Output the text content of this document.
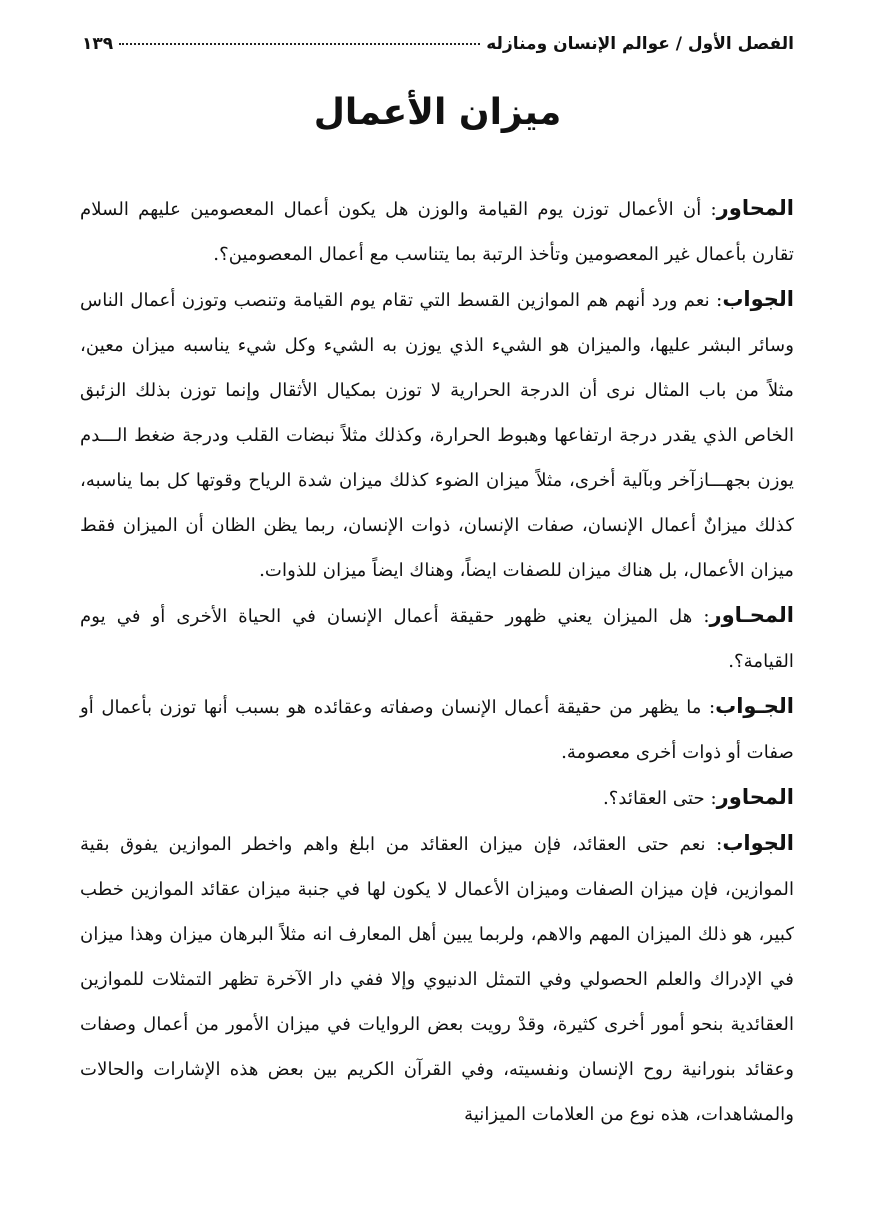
الفصل الأول / عوالم الإنسان ومنازله
١٣٩
ميزان الأعمال

المحاور: أن الأعمال توزن يوم القيامة والوزن هل يكون أعمال المعصومين عليهم السلام تقارن بأعمال غير المعصومين وتأخذ الرتبة بما يتناسب مع أعمال المعصومين؟.

الجواب: نعم ورد أنهم هم الموازين القسط التي تقام يوم القيامة وتنصب وتوزن أعمال الناس وسائر البشر عليها، والميزان هو الشيء الذي يوزن به الشيء وكل شيء يناسبه ميزان معين، مثلاً من باب المثال نرى أن الدرجة الحرارية لا توزن بمكيال الأثقال وإنما توزن بذلك الزئبق الخاص الذي يقدر درجة ارتفاعها وهبوط الحرارة، وكذلك مثلاً نبضات القلب ودرجة ضغط الـــدم يوزن بجهـــازآخر وبآلية أخرى، مثلاً ميزان الضوء كذلك ميزان شدة الرياح وقوتها كل بما يناسبه، كذلك ميزانٌ أعمال الإنسان، صفات الإنسان، ذوات الإنسان، ربما يظن الظان أن الميزان فقط ميزان الأعمال، بل هناك ميزان للصفات ايضاً، وهناك ايضاً ميزان للذوات.

المحـاور: هل الميزان يعني ظهور حقيقة أعمال الإنسان في الحياة الأخرى أو في يوم القيامة؟.

الجـواب: ما يظهر من حقيقة أعمال الإنسان وصفاته وعقائده هو بسبب أنها توزن بأعمال أو صفات أو ذوات أخرى معصومة.

المحاور: حتى العقائد؟.

الجواب: نعم حتى العقائد، فإن ميزان العقائد من ابلغ واهم واخطر الموازين يفوق بقية الموازين، فإن ميزان الصفات وميزان الأعمال لا يكون لها في جنبة ميزان عقائد الموازين خطب كبير، هو ذلك الميزان المهم والاهم، ولربما يبين أهل المعارف انه مثلاً البرهان ميزان وهذا ميزان في الإدراك والعلم الحصولي وفي التمثل الدنيوي وإلا ففي دار الآخرة تظهر التمثلات للموازين العقائدية بنحو أمور أخرى كثيرة، وقدْ رويت بعض الروايات في ميزان الأمور من أعمال وصفات وعقائد بنورانية روح الإنسان ونفسيته، وفي القرآن الكريم بين بعض هذه الإشارات والحالات والمشاهدات، هذه نوع من العلامات الميزانية
